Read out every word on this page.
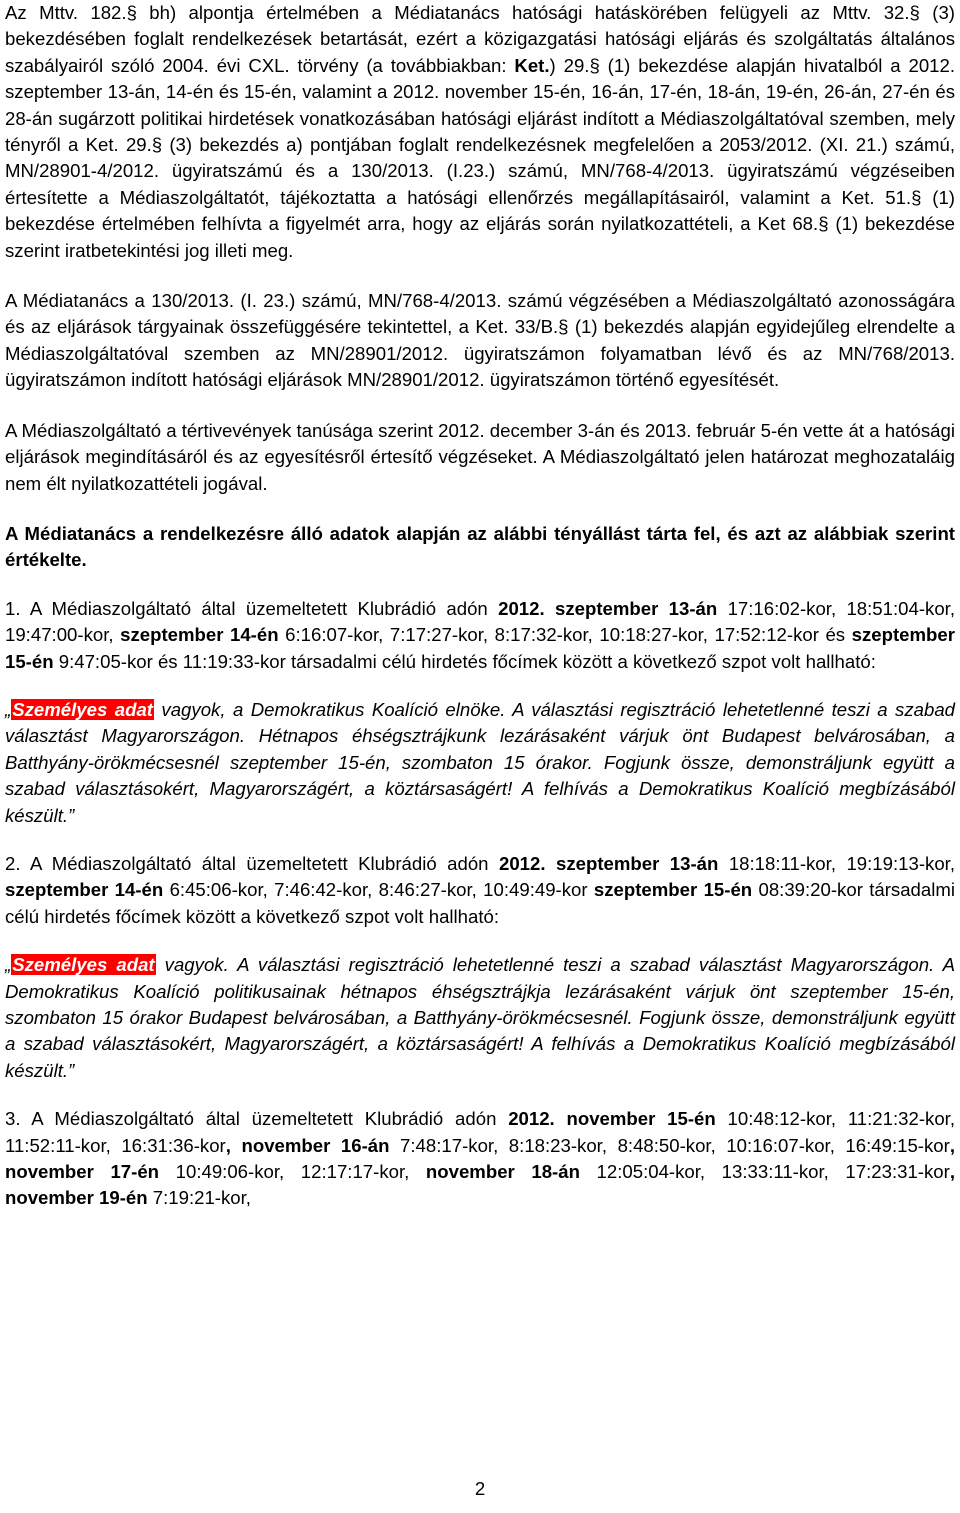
Az Mttv. 182.§ bh) alpontja értelmében a Médiatanács hatósági hatáskörében felügyeli az Mttv. 32.§ (3) bekezdésében foglalt rendelkezések betartását, ezért a közigazgatási hatósági eljárás és szolgáltatás általános szabályairól szóló 2004. évi CXL. törvény (a továbbiakban: Ket.) 29.§ (1) bekezdése alapján hivatalból a 2012. szeptember 13-án, 14-én és 15-én, valamint a 2012. november 15-én, 16-án, 17-én, 18-án, 19-én, 26-án, 27-én és 28-án sugárzott politikai hirdetések vonatkozásában hatósági eljárást indított a Médiaszolgáltatóval szemben, mely tényről a Ket. 29.§ (3) bekezdés a) pontjában foglalt rendelkezésnek megfelelően a 2053/2012. (XI. 21.) számú, MN/28901-4/2012. ügyiratszámú és a 130/2013. (I.23.) számú, MN/768-4/2013. ügyiratszámú végzéseiben értesítette a Médiaszolgáltatót, tájékoztatta a hatósági ellenőrzés megállapításairól, valamint a Ket. 51.§ (1) bekezdése értelmében felhívta a figyelmét arra, hogy az eljárás során nyilatkozattételi, a Ket 68.§ (1) bekezdése szerint iratbetekintési jog illeti meg.

A Médiatanács a 130/2013. (I. 23.) számú, MN/768-4/2013. számú végzésében a Médiaszolgáltató azonosságára és az eljárások tárgyainak összefüggésére tekintettel, a Ket. 33/B.§ (1) bekezdés alapján egyidejűleg elrendelte a Médiaszolgáltatóval szemben az MN/28901/2012. ügyiratszámon folyamatban lévő és az MN/768/2013. ügyiratszámon indított hatósági eljárások MN/28901/2012. ügyiratszámon történő egyesítését.

A Médiaszolgáltató a tértivevények tanúsága szerint 2012. december 3-án és 2013. február 5-én vette át a hatósági eljárások megindításáról és az egyesítésről értesítő végzéseket. A Médiaszolgáltató jelen határozat meghozataláig nem élt nyilatkozattételi jogával.

A Médiatanács a rendelkezésre álló adatok alapján az alábbi tényállást tárta fel, és azt az alábbiak szerint értékelte.

1. A Médiaszolgáltató által üzemeltetett Klubrádió adón 2012. szeptember 13-án 17:16:02-kor, 18:51:04-kor, 19:47:00-kor, szeptember 14-én 6:16:07-kor, 7:17:27-kor, 8:17:32-kor, 10:18:27-kor, 17:52:12-kor és szeptember 15-én 9:47:05-kor és 11:19:33-kor társadalmi célú hirdetés főcímek között a következő szpot volt hallható:

„Személyes adat vagyok, a Demokratikus Koalíció elnöke. A választási regisztráció lehetetlenné teszi a szabad választást Magyarországon. Hétnapos éhségsztrájkunk lezárásaként várjuk önt Budapest belvárosában, a Batthyány-örökmécsesnél szeptember 15-én, szombaton 15 órakor. Fogjunk össze, demonstráljunk együtt a szabad választásokért, Magyarországért, a köztársaságért! A felhívás a Demokratikus Koalíció megbízásából készült.”

2. A Médiaszolgáltató által üzemeltetett Klubrádió adón 2012. szeptember 13-án 18:18:11-kor, 19:19:13-kor, szeptember 14-én 6:45:06-kor, 7:46:42-kor, 8:46:27-kor, 10:49:49-kor szeptember 15-én 08:39:20-kor társadalmi célú hirdetés főcímek között a következő szpot volt hallható:

„Személyes adat vagyok. A választási regisztráció lehetetlenné teszi a szabad választást Magyarországon. A Demokratikus Koalíció politikusainak hétnapos éhségsztrájkja lezárásaként várjuk önt szeptember 15-én, szombaton 15 órakor Budapest belvárosában, a Batthyány-örökmécsesnél. Fogjunk össze, demonstráljunk együtt a szabad választásokért, Magyarországért, a köztársaságért! A felhívás a Demokratikus Koalíció megbízásából készült.”

3. A Médiaszolgáltató által üzemeltetett Klubrádió adón 2012. november 15-én 10:48:12-kor, 11:21:32-kor, 11:52:11-kor, 16:31:36-kor, november 16-án 7:48:17-kor, 8:18:23-kor, 8:48:50-kor, 10:16:07-kor, 16:49:15-kor, november 17-én 10:49:06-kor, 12:17:17-kor, november 18-án 12:05:04-kor, 13:33:11-kor, 17:23:31-kor, november 19-én 7:19:21-kor,

2
